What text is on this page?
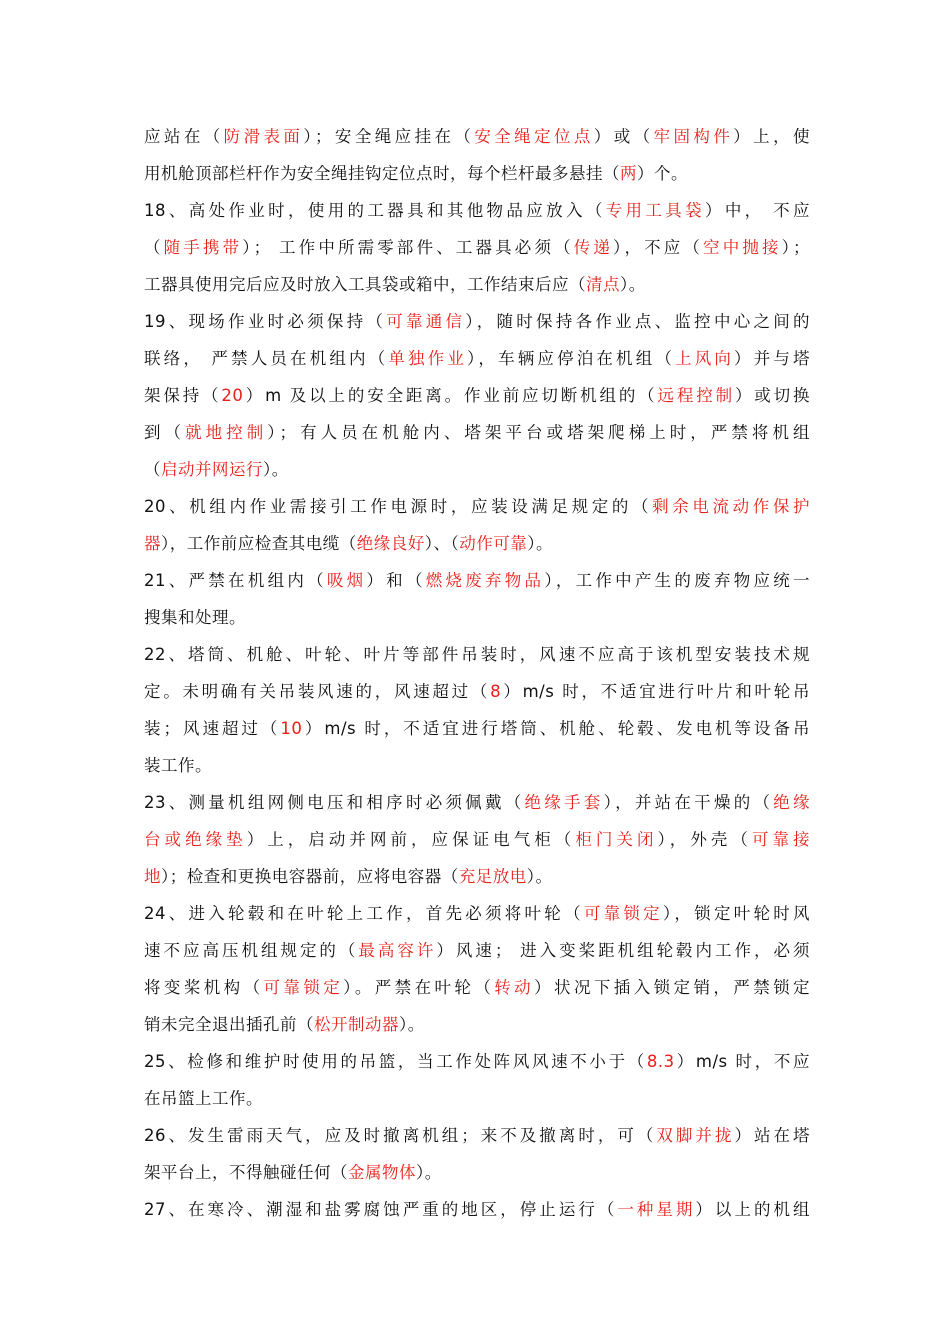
应站在（防滑表面）；安全绳应挂在（安全绳定位点）或（牢固构件）上，使
用机舱顶部栏杆作为安全绳挂钩定位点时，每个栏杆最多悬挂（两）个。
18、高处作业时，使用的工器具和其他物品应放入（专用工具袋）中， 不应
（随手携带）； 工作中所需零部件、工器具必须（传递），不应（空中抛接）；
工器具使用完后应及时放入工具袋或箱中，工作结束后应（清点）。
19、现场作业时必须保持（可靠通信），随时保持各作业点、监控中心之间的
联络， 严禁人员在机组内（单独作业），车辆应停泊在机组（上风向）并与塔
架保持（20）m 及以上的安全距离。作业前应切断机组的（远程控制）或切换
到（就地控制）；有人员在机舱内、塔架平台或塔架爬梯上时，严禁将机组
（启动并网运行）。
20、机组内作业需接引工作电源时，应装设满足规定的（剩余电流动作保护
器），工作前应检查其电缆（绝缘良好）、（动作可靠）。
21、严禁在机组内（吸烟）和（燃烧废弃物品），工作中产生的废弃物应统一
搜集和处理。
22、塔筒、机舱、叶轮、叶片等部件吊装时，风速不应高于该机型安装技术规
定。未明确有关吊装风速的，风速超过（8）m/s 时，不适宜进行叶片和叶轮吊
装；风速超过（10）m/s 时，不适宜进行塔筒、机舱、轮毂、发电机等设备吊
装工作。
23、测量机组网侧电压和相序时必须佩戴（绝缘手套），并站在干燥的（绝缘
台或绝缘垫）上，启动并网前，应保证电气柜（柜门关闭），外壳（可靠接
地）；检查和更换电容器前，应将电容器（充足放电）。
24、进入轮毂和在叶轮上工作，首先必须将叶轮（可靠锁定），锁定叶轮时风
速不应高压机组规定的（最高容许）风速； 进入变桨距机组轮毂内工作，必须
将变桨机构（可靠锁定）。严禁在叶轮（转动）状况下插入锁定销，严禁锁定
销未完全退出插孔前（松开制动器）。
25、检修和维护时使用的吊篮，当工作处阵风风速不小于（8.3）m/s 时，不应
在吊篮上工作。
26、发生雷雨天气，应及时撤离机组；来不及撤离时，可（双脚并拢）站在塔
架平台上，不得触碰任何（金属物体）。
27、在寒冷、潮湿和盐雾腐蚀严重的地区，停止运行（一种星期）以上的机组
